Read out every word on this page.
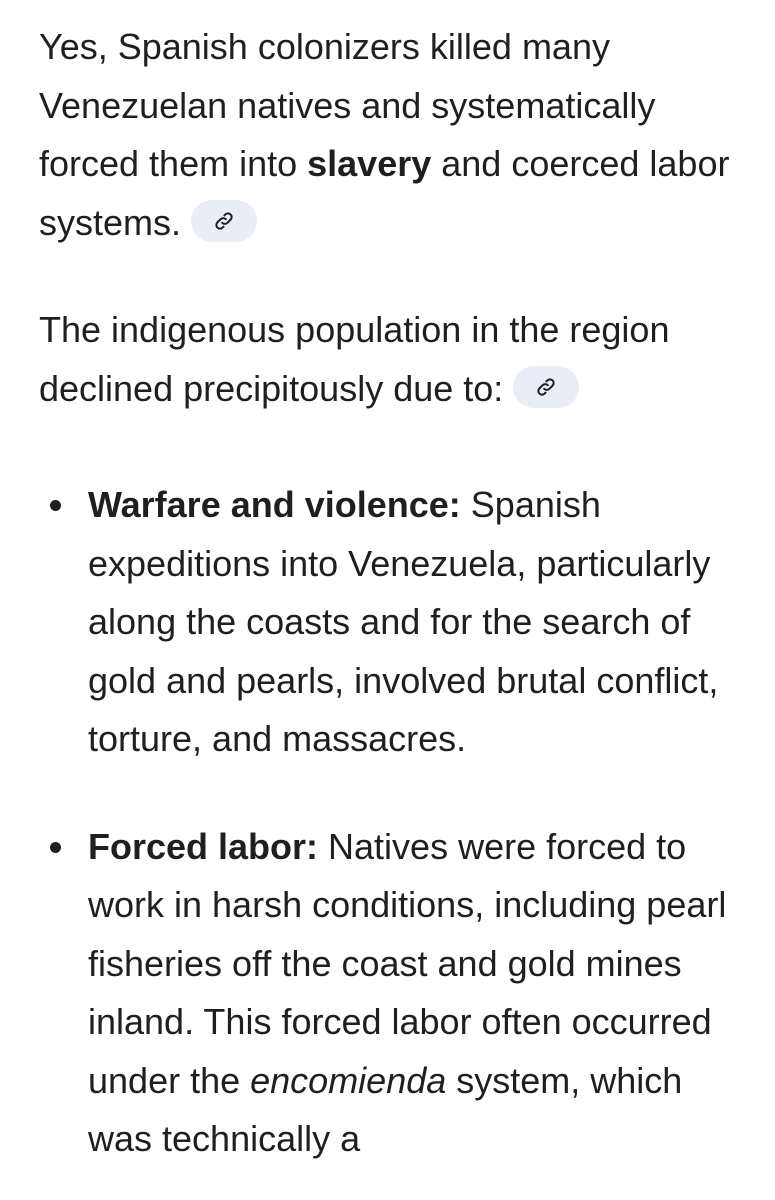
Yes, Spanish colonizers killed many Venezuelan natives and systematically forced them into slavery and coerced labor systems.

The indigenous population in the region declined precipitously due to:

Warfare and violence: Spanish expeditions into Venezuela, particularly along the coasts and for the search of gold and pearls, involved brutal conflict, torture, and massacres.
Forced labor: Natives were forced to work in harsh conditions, including pearl fisheries off the coast and gold mines inland. This forced labor often occurred under the encomienda system, which was technically a
